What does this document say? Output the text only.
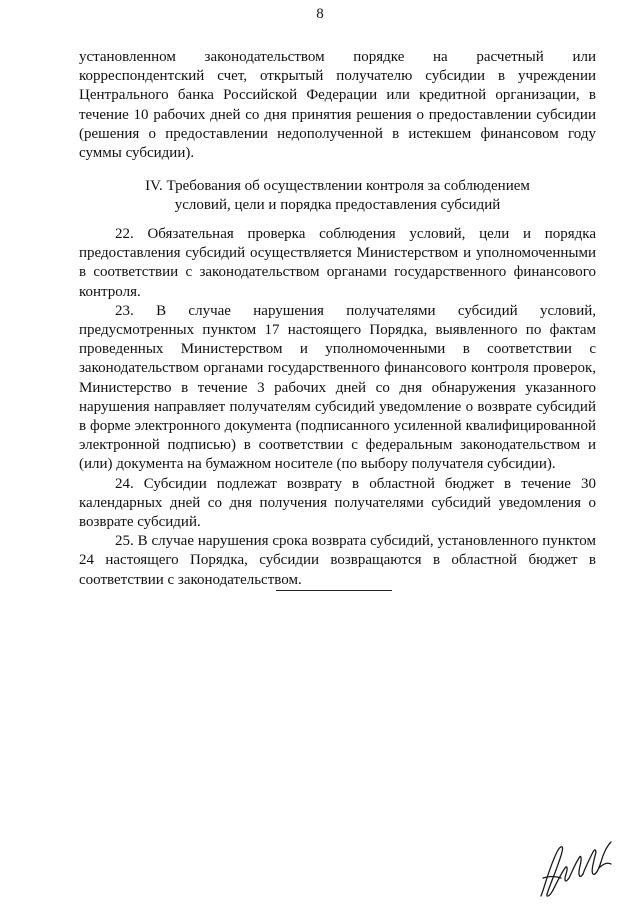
8

установленном законодательством порядке на расчетный или корреспондентский счет, открытый получателю субсидии в учреждении Центрального банка Российской Федерации или кредитной организации, в течение 10 рабочих дней со дня принятия решения о предоставлении субсидии (решения о предоставлении недополученной в истекшем финансовом году суммы субсидии).

IV. Требования об осуществлении контроля за соблюдением
условий, цели и порядка предоставления субсидий

22. Обязательная проверка соблюдения условий, цели и порядка предоставления субсидий осуществляется Министерством и уполномоченными в соответствии с законодательством органами государственного финансового контроля.

23. В случае нарушения получателями субсидий условий, предусмотренных пунктом 17 настоящего Порядка, выявленного по фактам проведенных Министерством и уполномоченными в соответствии с законодательством органами государственного финансового контроля проверок, Министерство в течение 3 рабочих дней со дня обнаружения указанного нарушения направляет получателям субсидий уведомление о возврате субсидий в форме электронного документа (подписанного усиленной квалифицированной электронной подписью) в соответствии с федеральным законодательством и (или) документа на бумажном носителе (по выбору получателя субсидии).

24. Субсидии подлежат возврату в областной бюджет в течение 30 календарных дней со дня получения получателями субсидий уведомления о возврате субсидий.

25. В случае нарушения срока возврата субсидий, установленного пунктом 24 настоящего Порядка, субсидии возвращаются в областной бюджет в соответствии с законодательством.
